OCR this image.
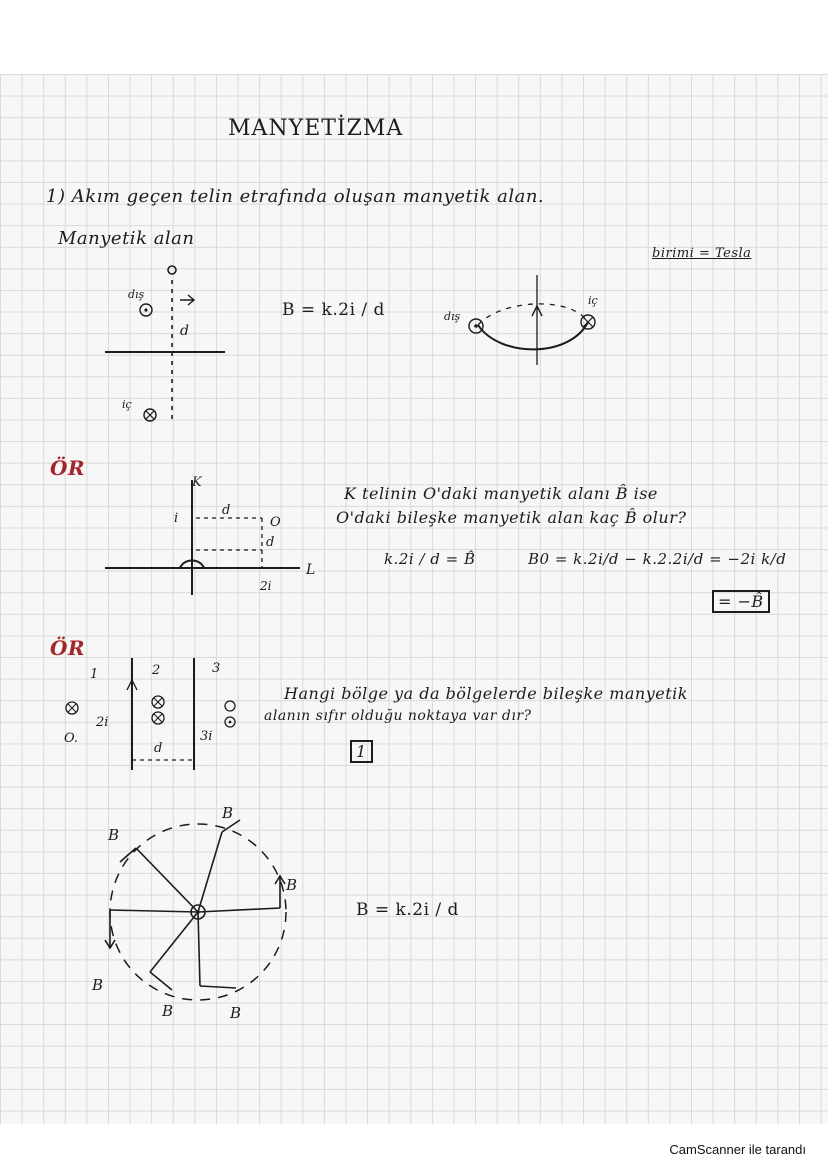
MANYETİZMA
1) Akım geçen telin etrafında oluşan manyetik alan.
Manyetik alan
birimi = Tesla
B = k.2i / d
dış
iç
d
dış
iç
ÖR
K
L
i
2i
d
d
O
K telinin O'daki manyetik alanı B̂ ise
O'daki bileşke manyetik alan kaç B̂ olur?
k.2i / d = B̂	B0 = k.2i/d − k.2.2i/d = −2i k/d
= −B̂
ÖR
1	2	3
2i
3i
d
O.
Hangi bölge ya da bölgelerde bileşke manyetik
alanın sıfır olduğu noktaya var dır?
1
B
B
B
B
B	B
B = k.2i / d
CamScanner ile tarandı
